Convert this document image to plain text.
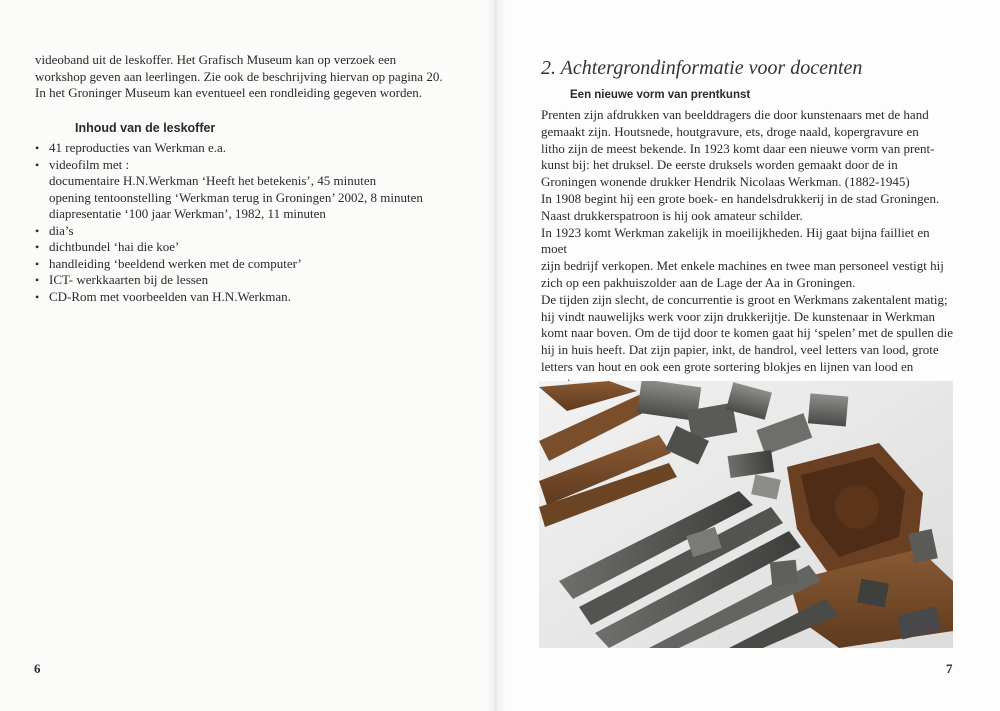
videoband uit de leskoffer. Het Grafisch Museum kan op verzoek een

workshop geven aan leerlingen. Zie ook de beschrijving hiervan op pagina 20.

In het Groninger Museum kan eventueel een rondleiding gegeven worden.

Inhoud van de leskoffer

• 41 reproducties van Werkman e.a.
• videofilm met :
documentaire H.N.Werkman ‘Heeft het betekenis’, 45 minuten
opening tentoonstelling ‘Werkman terug in Groningen’ 2002, 8 minuten
diapresentatie ‘100 jaar Werkman’, 1982, 11 minuten
• dia’s
• dichtbundel ‘hai die koe’
• handleiding ‘beeldend werken met de computer’
• ICT- werkkaarten bij de lessen
• CD-Rom met voorbeelden van H.N.Werkman.
6
2. Achtergrondinformatie voor docenten
Een nieuwe vorm van prentkunst

Prenten zijn afdrukken van beelddragers die door kunstenaars met de hand

gemaakt zijn. Houtsnede, houtgravure, ets, droge naald, kopergravure en

litho zijn de meest bekende. In 1923 komt daar een nieuwe vorm van prent-

kunst bij: het druksel. De eerste druksels worden gemaakt door de in

Groningen wonende drukker Hendrik Nicolaas Werkman. (1882-1945)

In 1908 begint hij een grote boek- en handelsdrukkerij in de stad Groningen.

Naast drukkerspatroon is hij ook amateur schilder.

In 1923 komt Werkman zakelijk in moeilijkheden. Hij gaat bijna failliet en moet

zijn bedrijf verkopen. Met enkele machines en twee man personeel vestigt hij

zich op een pakhuiszolder aan de Lage der Aa in Groningen.

De tijden zijn slecht, de concurrentie is groot en Werkmans zakentalent matig;

hij vindt nauwelijks werk voor zijn drukkerijtje. De kunstenaar in Werkman

komt naar boven. Om de tijd door te komen gaat hij ‘spelen’ met de spullen die

hij in huis heeft. Dat zijn papier, inkt, de handrol, veel letters van lood, grote

letters van hout en ook een grote sortering blokjes en lijnen van lood en

7
